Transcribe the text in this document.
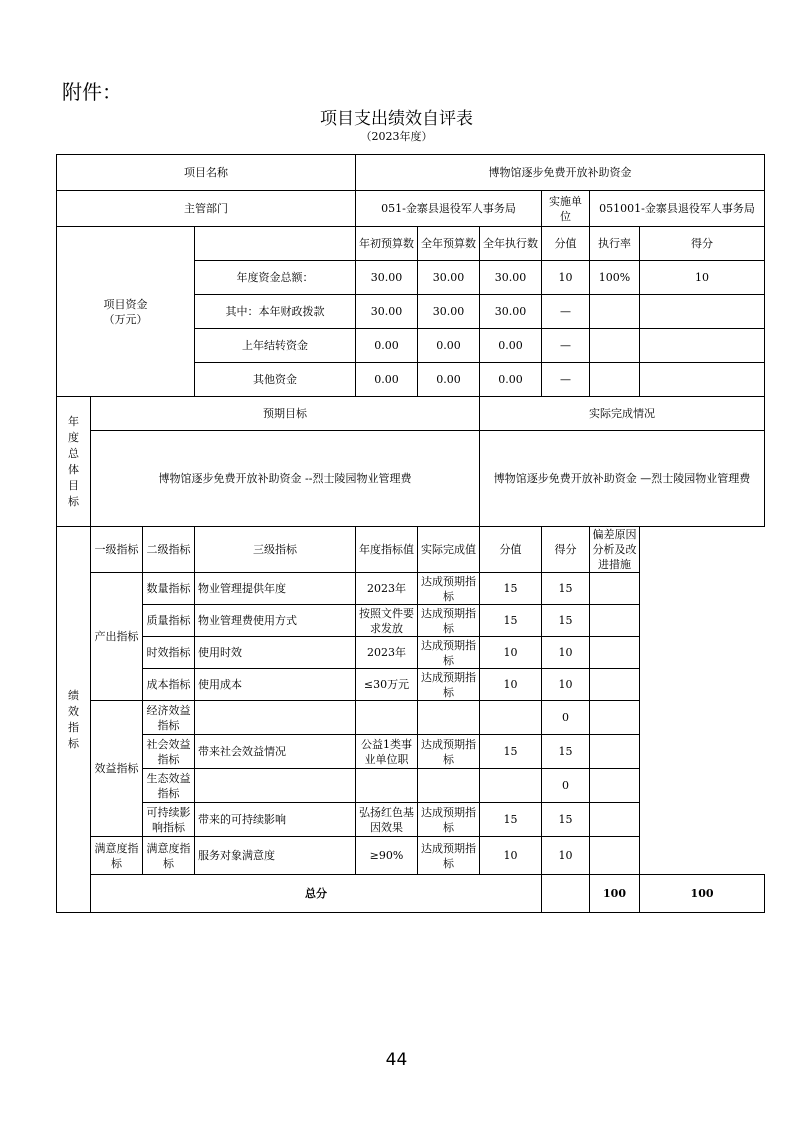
附件：
项目支出绩效自评表
（2023年度）
项目名称				博物馆逐步免费开放补助资金						
主管部门				051-金寨县退役军人事务局			实施单位	051001-金寨县退役军人事务局		
项目资金
（万元）				年初预算数	全年预算数	全年执行数	分值	执行率	得分	
			年度资金总额：	30.00	30.00	30.00	10	100%	10	
			其中：本年财政拨款	30.00	30.00	30.00	—			
			上年结转资金	0.00	0.00	0.00	—			
			其他资金	0.00	0.00	0.00	—			
年度总体目标	预期目标					实际完成情况				
	博物馆逐步免费开放补助资金 --烈士陵园物业管理费					博物馆逐步免费开放补助资金 —烈士陵园物业管理费				
绩效指标	一级指标	二级指标	三级指标	年度指标值	实际完成值	分值	得分	偏差原因分析及改进措施		
	产出指标	数量指标	物业管理提供年度	2023年	达成预期指标	15	15			
		质量指标	物业管理费使用方式	按照文件要求发放	达成预期指标	15	15			
		时效指标	使用时效	2023年	达成预期指标	10	10			
		成本指标	使用成本	≤30万元	达成预期指标	10	10			
	效益指标	经济效益指标					0			
		社会效益指标	带来社会效益情况	公益1类事业单位职	达成预期指标	15	15			
		生态效益指标					0			
		可持续影响指标	带来的可持续影响	弘扬红色基因效果	达成预期指标	15	15			
	满意度指标	满意度指标	服务对象满意度	≥90%	达成预期指标	10	10			
	总分							100	100	
44
